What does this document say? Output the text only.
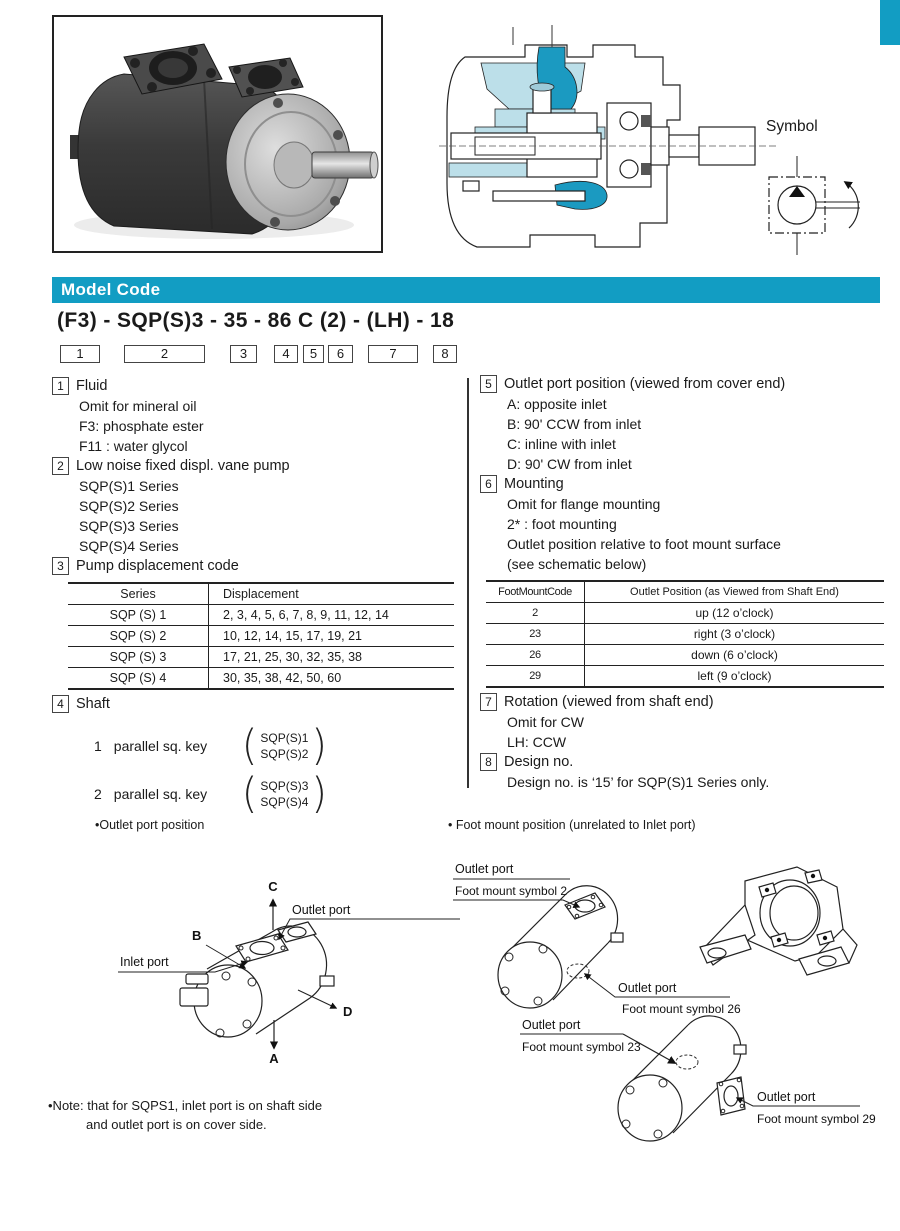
Symbol
Model Code
(F3) - SQP(S)3 - 35 - 86 C (2) - (LH) - 18
1	2	3	4	5	6	7	8
1 Fluid
Omit for mineral oil
F3: phosphate ester
F11 : water glycol
2 Low noise fixed displ. vane pump
SQP(S)1 Series
SQP(S)2 Series
SQP(S)3 Series
SQP(S)4 Series
3 Pump displacement code
Series	Displacement
SQP (S) 1	2, 3, 4, 5, 6, 7, 8, 9, 11, 12, 14
SQP (S) 2	10, 12, 14, 15, 17, 19, 21
SQP (S) 3	17, 21, 25, 30, 32, 35, 38
SQP (S) 4	30, 35, 38, 42, 50, 60
4 Shaft
1 parallel sq. key ( SQP(S)1
SQP(S)2 )
2 parallel sq. key ( SQP(S)3
SQP(S)4 )
5 Outlet port position (viewed from cover end)
A: opposite inlet
B: 90' CCW from inlet
C: inline with inlet
D: 90' CW from inlet
6 Mounting
Omit for flange mounting
2* : foot mounting
Outlet position relative to foot mount surface
(see schematic below)
FootMountCode	Outlet Position (as Viewed from Shaft End)
2	up (12 o’clock)
23	right (3 o’clock)
26	down (6 o’clock)
29	left (9 o’clock)
7 Rotation (viewed from shaft end)
Omit for CW
LH: CCW
8 Design no.
Design no. is ‘15’ for SQP(S)1 Series only.
•Outlet port position	• Foot mount position (unrelated to Inlet port)
C
Outlet port
B
Inlet port
D
A
Outlet port
Foot mount symbol 2
Outlet port
Foot mount symbol 26
Outlet port
Foot mount symbol 23
Outlet port
Foot mount symbol 29
•Note: that for SQPS1, inlet port is on shaft side
and outlet port is on cover side.
